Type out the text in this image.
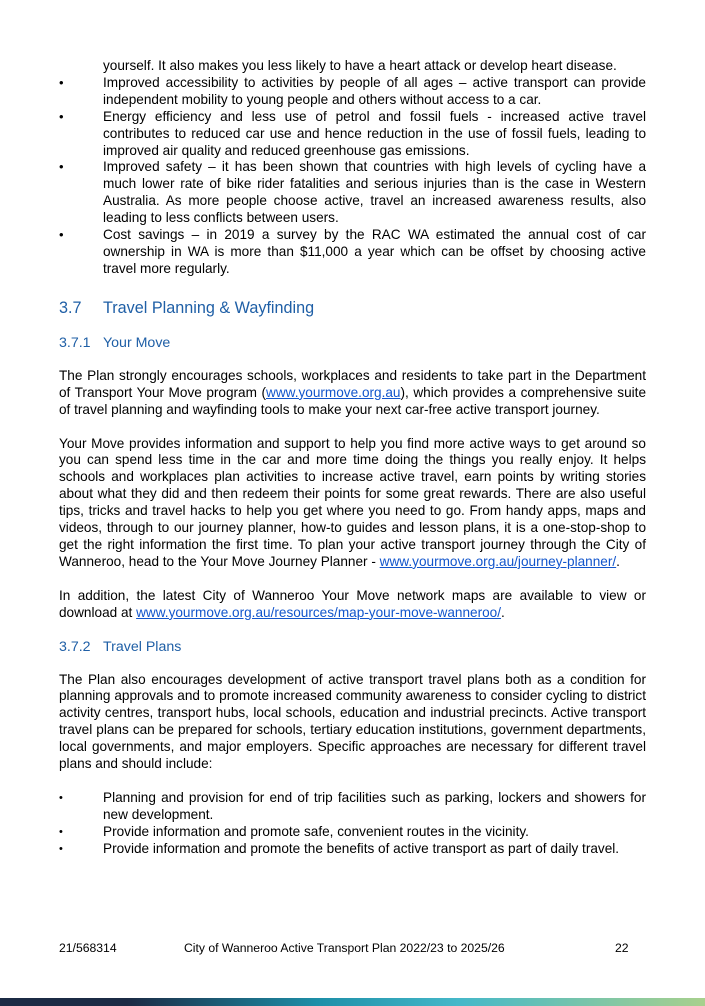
yourself. It also makes you less likely to have a heart attack or develop heart disease.

•	Improved accessibility to activities by people of all ages – active transport can provide independent mobility to young people and others without access to a car.
•	Energy efficiency and less use of petrol and fossil fuels - increased active travel contributes to reduced car use and hence reduction in the use of fossil fuels, leading to improved air quality and reduced greenhouse gas emissions.
•	Improved safety – it has been shown that countries with high levels of cycling have a much lower rate of bike rider fatalities and serious injuries than is the case in Western Australia. As more people choose active, travel an increased awareness results, also leading to less conflicts between users.
•	Cost savings – in 2019 a survey by the RAC WA estimated the annual cost of car ownership in WA is more than $11,000 a year which can be offset by choosing active travel more regularly.
3.7 Travel Planning & Wayfinding
3.7.1 Your Move

The Plan strongly encourages schools, workplaces and residents to take part in the Department of Transport Your Move program (www.yourmove.org.au), which provides a comprehensive suite of travel planning and wayfinding tools to make your next car-free active transport journey.

Your Move provides information and support to help you find more active ways to get around so you can spend less time in the car and more time doing the things you really enjoy. It helps schools and workplaces plan activities to increase active travel, earn points by writing stories about what they did and then redeem their points for some great rewards. There are also useful tips, tricks and travel hacks to help you get where you need to go. From handy apps, maps and videos, through to our journey planner, how-to guides and lesson plans, it is a one-stop-shop to get the right information the first time. To plan your active transport journey through the City of Wanneroo, head to the Your Move Journey Planner - www.yourmove.org.au/journey-planner/.

In addition, the latest City of Wanneroo Your Move network maps are available to view or download at www.yourmove.org.au/resources/map-your-move-wanneroo/.

3.7.2 Travel Plans

The Plan also encourages development of active transport travel plans both as a condition for planning approvals and to promote increased community awareness to consider cycling to district activity centres, transport hubs, local schools, education and industrial precincts. Active transport travel plans can be prepared for schools, tertiary education institutions, government departments, local governments, and major employers. Specific approaches are necessary for different travel plans and should include:

•	Planning and provision for end of trip facilities such as parking, lockers and showers for new development.
•	Provide information and promote safe, convenient routes in the vicinity.
•	Provide information and promote the benefits of active transport as part of daily travel.
21/568314	City of Wanneroo Active Transport Plan 2022/23 to 2025/26	22
